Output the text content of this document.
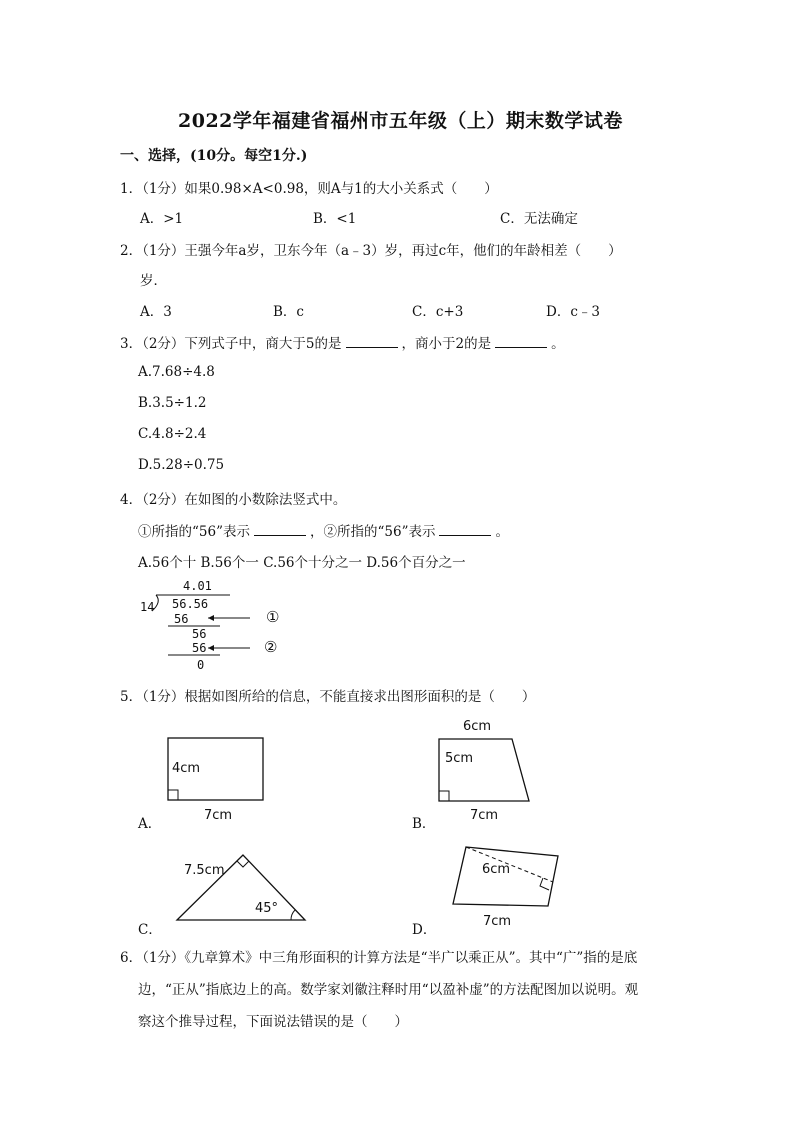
2022学年福建省福州市五年级（上）期末数学试卷
一、选择，(10分。每空1分.)
1．（1分）如果0.98×A<0.98，则A与1的大小关系式（　　）
A．>1	B．<1	C．无法确定
2．（1分）王强今年a岁，卫东今年（a﹣3）岁，再过c年，他们的年龄相差（　　）
岁．
A．3	B．c	C．c+3	D．c﹣3
3．（2分）下列式子中，商大于5的是	，商小于2的是	。
A.7.68÷4.8
B.3.5÷1.2
C.4.8÷2.4
D.5.28÷0.75
4．（2分）在如图的小数除法竖式中。
①所指的“56”表示	，②所指的“56”表示	。
A.56个十 B.56个一 C.56个十分之一 D.56个百分之一
4.01
14 56.56
56
56
56
0
①
②
5．（1分）根据如图所给的信息，不能直接求出图形面积的是（　　）
4cm
7cm
A．
6cm
5cm
7cm
B．
7.5cm
45°
C．
6cm
7cm
D．
6．（1分）《九章算术》中三角形面积的计算方法是“半广以乘正从”。其中“广”指的是底
边，“正从”指底边上的高。数学家刘徽注释时用“以盈补虚”的方法配图加以说明。观
察这个推导过程，下面说法错误的是（　　）
